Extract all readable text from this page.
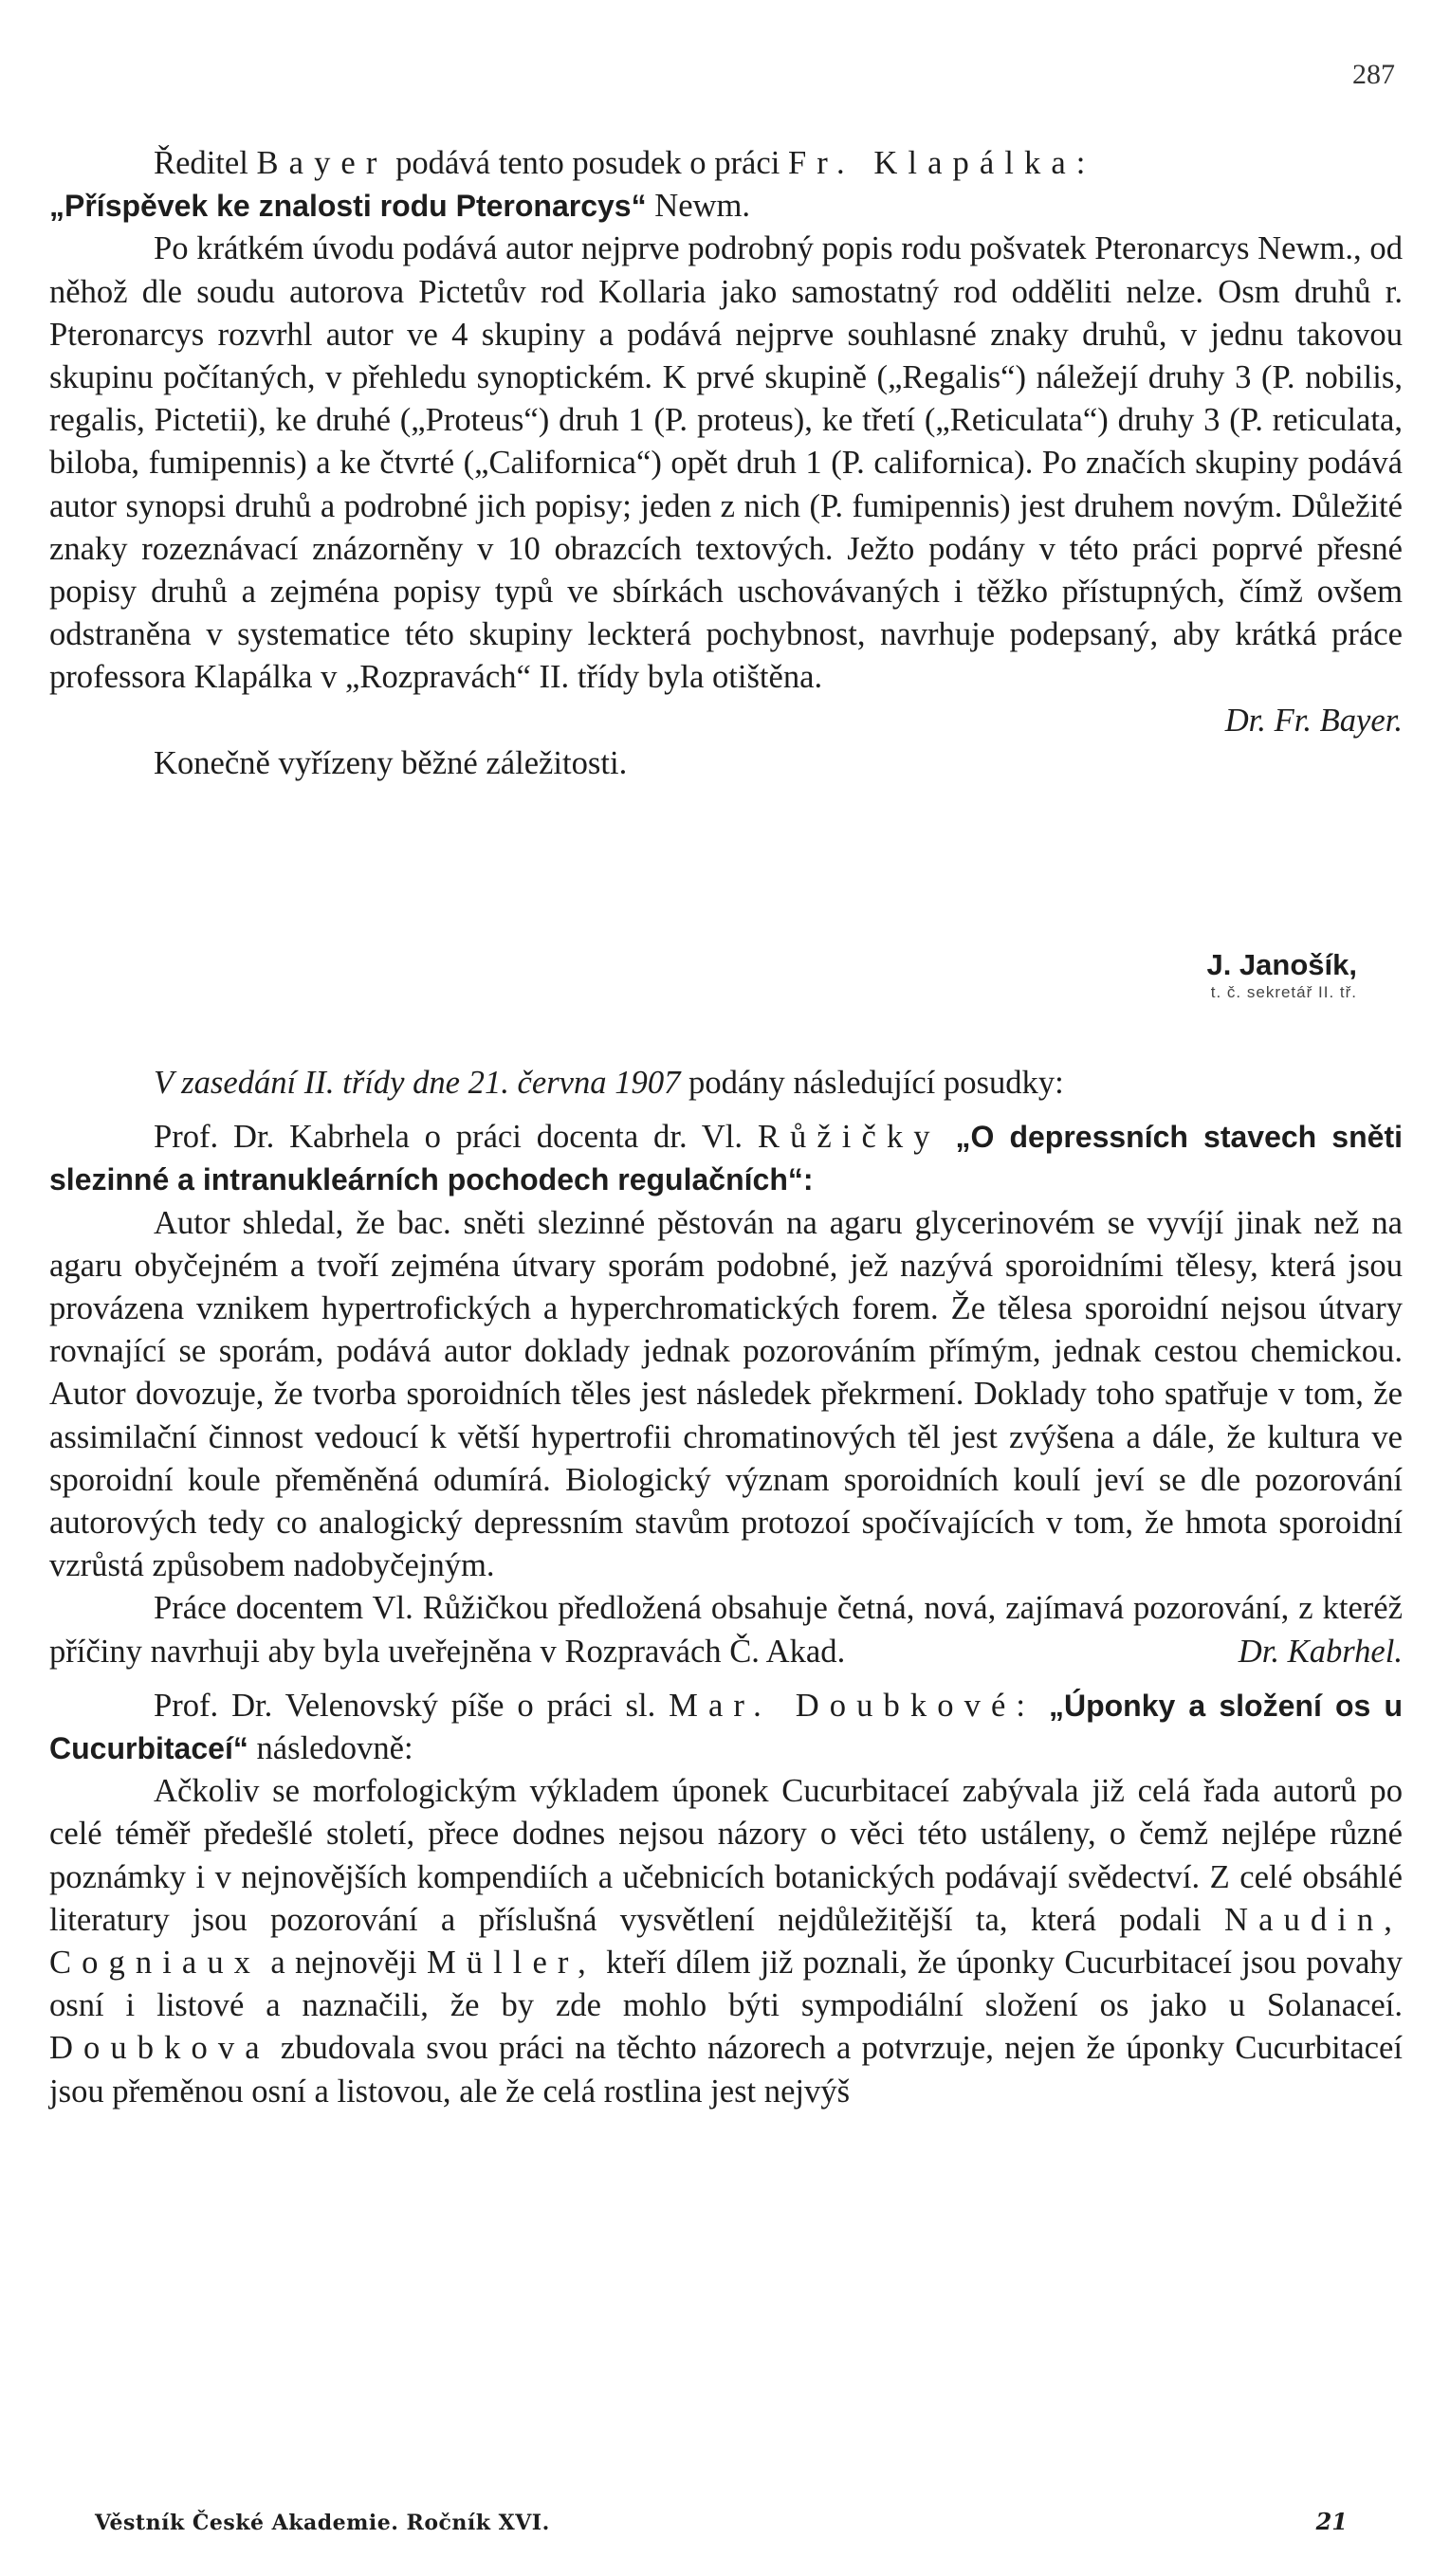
287

Ředitel Bayer podává tento posudek o práci Fr. Klapálka:

„Příspěvek ke znalosti rodu Pteronarcys“ Newm.

Po krátkém úvodu podává autor nejprve podrobný popis rodu pošvatek Pteronarcys Newm., od něhož dle soudu autorova Pictetův rod Kollaria jako samostatný rod odděliti nelze. Osm druhů r. Pteronarcys rozvrhl autor ve 4 skupiny a podává nejprve souhlasné znaky druhů, v jednu takovou skupinu počítaných, v přehledu synoptickém. K prvé skupině („Regalis“) náležejí druhy 3 (P. nobilis, regalis, Pictetii), ke druhé („Proteus“) druh 1 (P. proteus), ke třetí („Reticulata“) druhy 3 (P. reticulata, biloba, fumipennis) a ke čtvrté („Californica“) opět druh 1 (P. californica). Po značích skupiny podává autor synopsi druhů a podrobné jich popisy; jeden z nich (P. fumipennis) jest druhem novým. Důležité znaky rozeznávací znázorněny v 10 obrazcích textových. Ježto podány v této práci poprvé přesné popisy druhů a zejména popisy typů ve sbírkách uschovávaných i těžko přístupných, čímž ovšem odstraněna v systematice této skupiny leckterá pochybnost, navrhuje podepsaný, aby krátká práce professora Klapálka v „Rozpravách“ II. třídy byla otištěna.

Dr. Fr. Bayer.

Konečně vyřízeny běžné záležitosti.

J. Janošík,
t. č. sekretář II. tř.

V zasedání II. třídy dne 21. června 1907 podány následující posudky:

Prof. Dr. Kabrhela o práci docenta dr. Vl. Růžičky „O depressních stavech sněti slezinné a intranukleárních pochodech regulačních“:

Autor shledal, že bac. sněti slezinné pěstován na agaru glycerinovém se vyvíjí jinak než na agaru obyčejném a tvoří zejména útvary sporám podobné, jež nazývá sporoidními tělesy, která jsou provázena vznikem hypertrofických a hyperchromatických forem. Že tělesa sporoidní nejsou útvary rovnající se sporám, podává autor doklady jednak pozorováním přímým, jednak cestou chemickou. Autor dovozuje, že tvorba sporoidních těles jest následek překrmení. Doklady toho spatřuje v tom, že assimilační činnost vedoucí k větší hypertrofii chromatinových těl jest zvýšena a dále, že kultura ve sporoidní koule přeměněná odumírá. Biologický význam sporoidních koulí jeví se dle pozorování autorových tedy co analogický depressním stavům protozoí spočívajících v tom, že hmota sporoidní vzrůstá způsobem nadobyčejným.

Práce docentem Vl. Růžičkou předložená obsahuje četná, nová, zajímavá pozorování, z kteréž příčiny navrhuji aby byla uveřejněna v Rozpravách Č. Akad.	Dr. Kabrhel.

Prof. Dr. Velenovský píše o práci sl. Mar. Doubkové: „Úponky a složení os u Cucurbitaceí“ následovně:

Ačkoliv se morfologickým výkladem úponek Cucurbitaceí zabývala již celá řada autorů po celé téměř předešlé století, přece dodnes nejsou názory o věci této ustáleny, o čemž nejlépe různé poznámky i v nejnovějších kompendiích a učebnicích botanických podávají svědectví. Z celé obsáhlé literatury jsou pozorování a příslušná vysvětlení nejdůležitější ta, která podali Naudin, Cogniaux a nejnověji Müller, kteří dílem již poznali, že úponky Cucurbitaceí jsou povahy osní i listové a naznačili, že by zde mohlo býti sympodiální složení os jako u Solanaceí. Doubkova zbudovala svou práci na těchto názorech a potvrzuje, nejen že úponky Cucurbitaceí jsou přeměnou osní a listovou, ale že celá rostlina jest nejvýš

Věstník České Akademie. Ročník XVI.	21
